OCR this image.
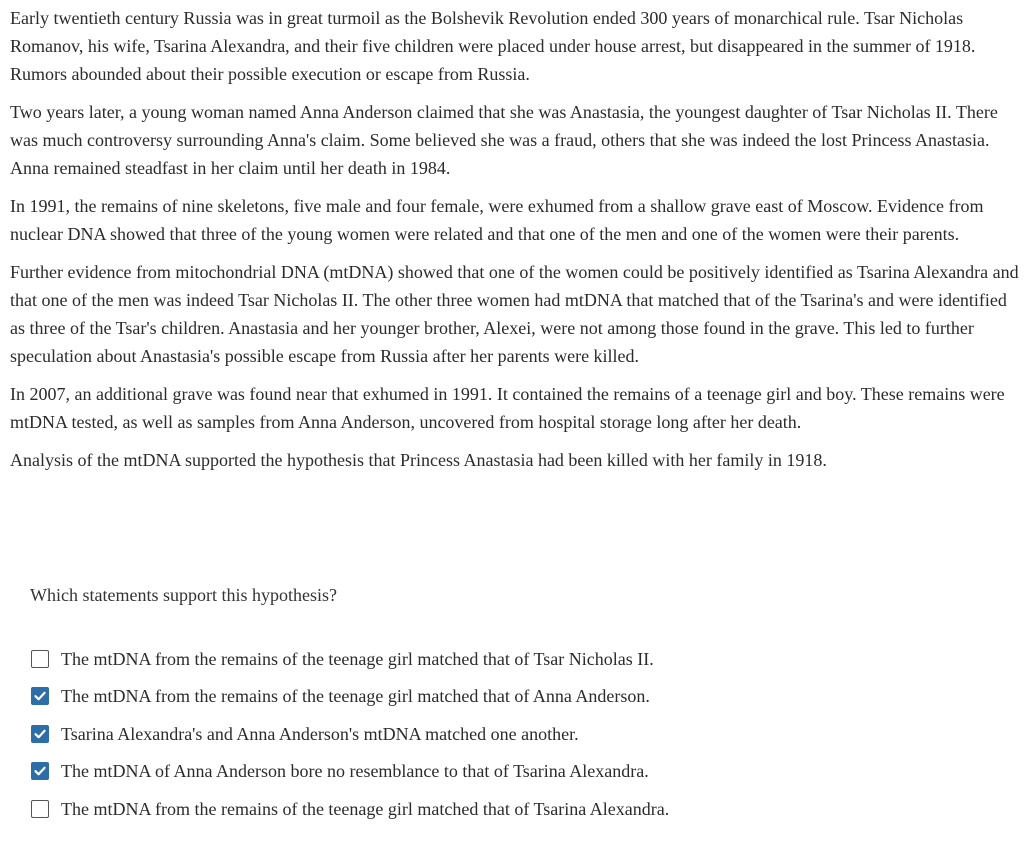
Early twentieth century Russia was in great turmoil as the Bolshevik Revolution ended 300 years of monarchical rule. Tsar Nicholas Romanov, his wife, Tsarina Alexandra, and their five children were placed under house arrest, but disappeared in the summer of 1918. Rumors abounded about their possible execution or escape from Russia.

Two years later, a young woman named Anna Anderson claimed that she was Anastasia, the youngest daughter of Tsar Nicholas II. There was much controversy surrounding Anna's claim. Some believed she was a fraud, others that she was indeed the lost Princess Anastasia. Anna remained steadfast in her claim until her death in 1984.

In 1991, the remains of nine skeletons, five male and four female, were exhumed from a shallow grave east of Moscow. Evidence from nuclear DNA showed that three of the young women were related and that one of the men and one of the women were their parents.

Further evidence from mitochondrial DNA (mtDNA) showed that one of the women could be positively identified as Tsarina Alexandra and that one of the men was indeed Tsar Nicholas II. The other three women had mtDNA that matched that of the Tsarina's and were identified as three of the Tsar's children. Anastasia and her younger brother, Alexei, were not among those found in the grave. This led to further speculation about Anastasia's possible escape from Russia after her parents were killed.

In 2007, an additional grave was found near that exhumed in 1991. It contained the remains of a teenage girl and boy. These remains were mtDNA tested, as well as samples from Anna Anderson, uncovered from hospital storage long after her death.

Analysis of the mtDNA supported the hypothesis that Princess Anastasia had been killed with her family in 1918.

Which statements support this hypothesis?
The mtDNA from the remains of the teenage girl matched that of Tsar Nicholas II.
The mtDNA from the remains of the teenage girl matched that of Anna Anderson.
Tsarina Alexandra's and Anna Anderson's mtDNA matched one another.
The mtDNA of Anna Anderson bore no resemblance to that of Tsarina Alexandra.
The mtDNA from the remains of the teenage girl matched that of Tsarina Alexandra.
